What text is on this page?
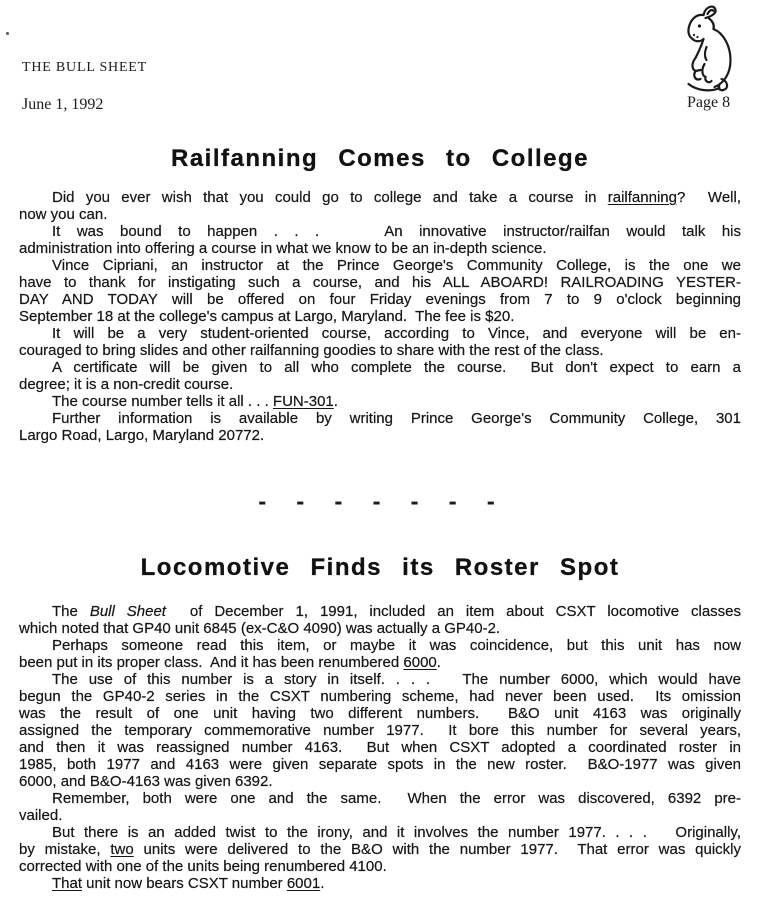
THE BULL SHEET
June 1, 1992	Page 8
Railfanning Comes to College
Did you ever wish that you could go to college and take a course in railfanning?  Well,
now you can.
It was bound to happen . . .    An innovative instructor/railfan would talk his
administration into offering a course in what we know to be an in-depth science.
Vince Cipriani, an instructor at the Prince George's Community College, is the one we
have to thank for instigating such a course, and his ALL ABOARD! RAILROADING YESTER-
DAY AND TODAY will be offered on four Friday evenings from 7 to 9 o'clock beginning
September 18 at the college's campus at Largo, Maryland.  The fee is $20.
It will be a very student-oriented course, according to Vince, and everyone will be en-
couraged to bring slides and other railfanning goodies to share with the rest of the class.
A certificate will be given to all who complete the course.  But don't expect to earn a
degree; it is a non-credit course.
The course number tells it all . . . FUN-301.
Further information is available by writing Prince George's Community College, 301
Largo Road, Largo, Maryland 20772.
- - - - - - -
Locomotive Finds its Roster Spot
The Bull Sheet  of December 1, 1991, included an item about CSXT locomotive classes
which noted that GP40 unit 6845 (ex-C&O 4090) was actually a GP40-2.
Perhaps someone read this item, or maybe it was coincidence, but this unit has now
been put in its proper class.  And it has been renumbered 6000.
The use of this number is a story in itself. . . .   The number 6000, which would have
begun the GP40-2 series in the CSXT numbering scheme, had never been used.  Its omission
was the result of one unit having two different numbers.  B&O unit 4163 was originally
assigned the temporary commemorative number 1977.  It bore this number for several years,
and then it was reassigned number 4163.  But when CSXT adopted a coordinated roster in
1985, both 1977 and 4163 were given separate spots in the new roster.  B&O-1977 was given
6000, and B&O-4163 was given 6392.
Remember, both were one and the same.  When the error was discovered, 6392 pre-
vailed.
But there is an added twist to the irony, and it involves the number 1977. . . .   Originally,
by mistake, two units were delivered to the B&O with the number 1977.  That error was quickly
corrected with one of the units being renumbered 4100.
That unit now bears CSXT number 6001.
